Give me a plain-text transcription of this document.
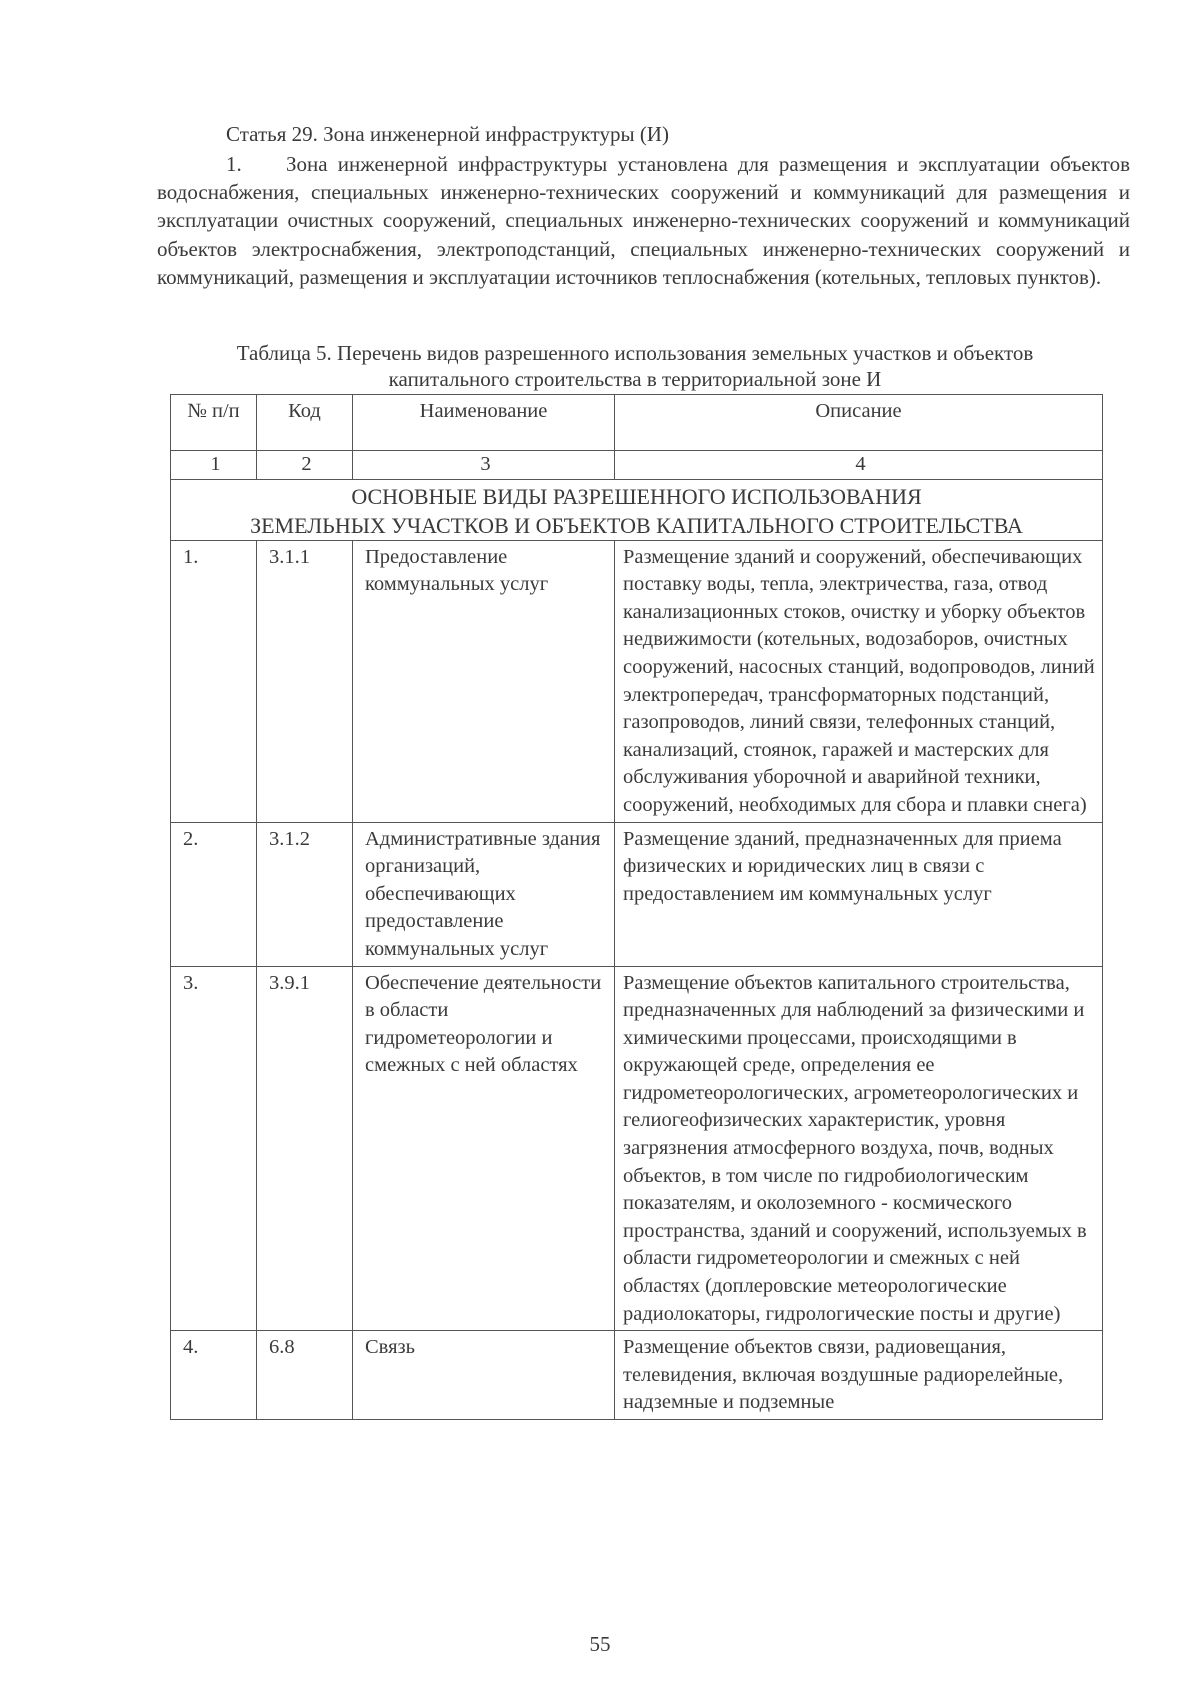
Статья 29. Зона инженерной инфраструктуры (И)
1. Зона инженерной инфраструктуры установлена для размещения и эксплуатации объектов водоснабжения, специальных инженерно-технических сооружений и коммуникаций для размещения и эксплуатации очистных сооружений, специальных инженерно-технических сооружений и коммуникаций объектов электроснабжения, электроподстанций, специальных инженерно-технических сооружений и коммуникаций, размещения и эксплуатации источников теплоснабжения (котельных, тепловых пунктов).
Таблица 5. Перечень видов разрешенного использования земельных участков и объектов
капитального строительства в территориальной зоне И
№ п/п	Код	Наименование	Описание
1	2	3	4

ОСНОВНЫЕ ВИДЫ РАЗРЕШЕННОГО ИСПОЛЬЗОВАНИЯ
ЗЕМЕЛЬНЫХ УЧАСТКОВ И ОБЪЕКТОВ КАПИТАЛЬНОГО СТРОИТЕЛЬСТВА			

1.	3.1.1	Предоставление коммунальных услуг	Размещение зданий и сооружений, обеспечивающих поставку воды, тепла, электричества, газа, отвод канализационных стоков, очистку и уборку объектов недвижимости (котельных, водозаборов, очистных сооружений, насосных станций, водопроводов, линий электропередач, трансформаторных подстанций, газопроводов, линий связи, телефонных станций, канализаций, стоянок, гаражей и мастерских для обслуживания уборочной и аварийной техники, сооружений, необходимых для сбора и плавки снега)
2.	3.1.2	Административные здания организаций, обеспечивающих предоставление коммунальных услуг	Размещение зданий, предназначенных для приема физических и юридических лиц в связи с предоставлением им коммунальных услуг
3.	3.9.1	Обеспечение деятельности в области гидрометеорологии и смежных с ней областях	Размещение объектов капитального строительства, предназначенных для наблюдений за физическими и химическими процессами, происходящими в окружающей среде, определения ее гидрометеорологических, агрометеорологических и гелиогеофизических характеристик, уровня загрязнения атмосферного воздуха, почв, водных объектов, в том числе по гидробиологическим показателям, и околоземного - космического пространства, зданий и сооружений, используемых в области гидрометеорологии и смежных с ней областях (доплеровские метеорологические радиолокаторы, гидрологические посты и другие)
4.	6.8	Связь	Размещение объектов связи, радиовещания, телевидения, включая воздушные радиорелейные, надземные и подземные
55
